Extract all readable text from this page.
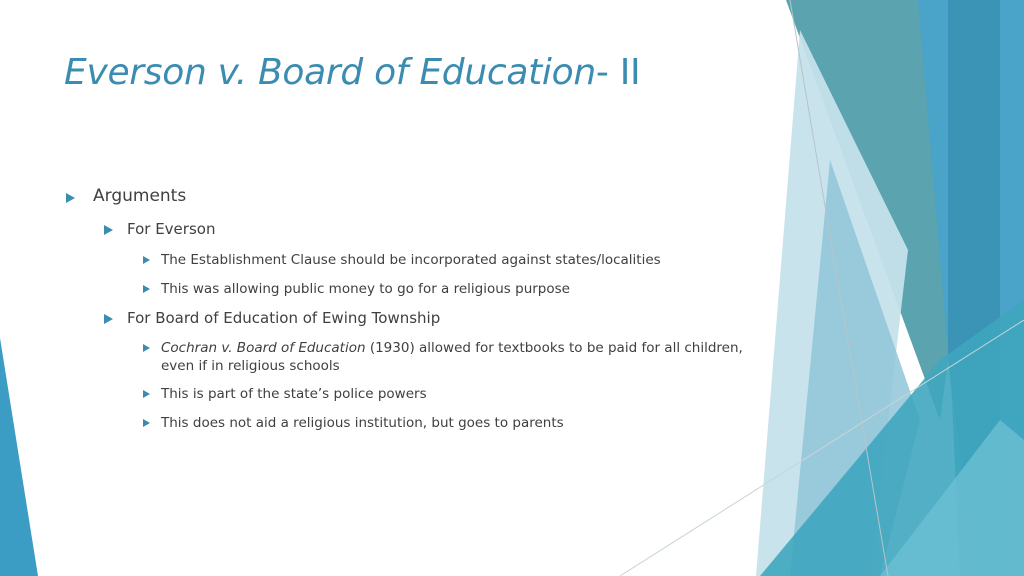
Everson v. Board of Education- II
Arguments
For Everson
The Establishment Clause should be incorporated against states/localities
This was allowing public money to go for a religious purpose
For Board of Education of Ewing Township
Cochran v. Board of Education (1930) allowed for textbooks to be paid for all children,
even if in religious schools
This is part of the state’s police powers
This does not aid a religious institution, but goes to parents
